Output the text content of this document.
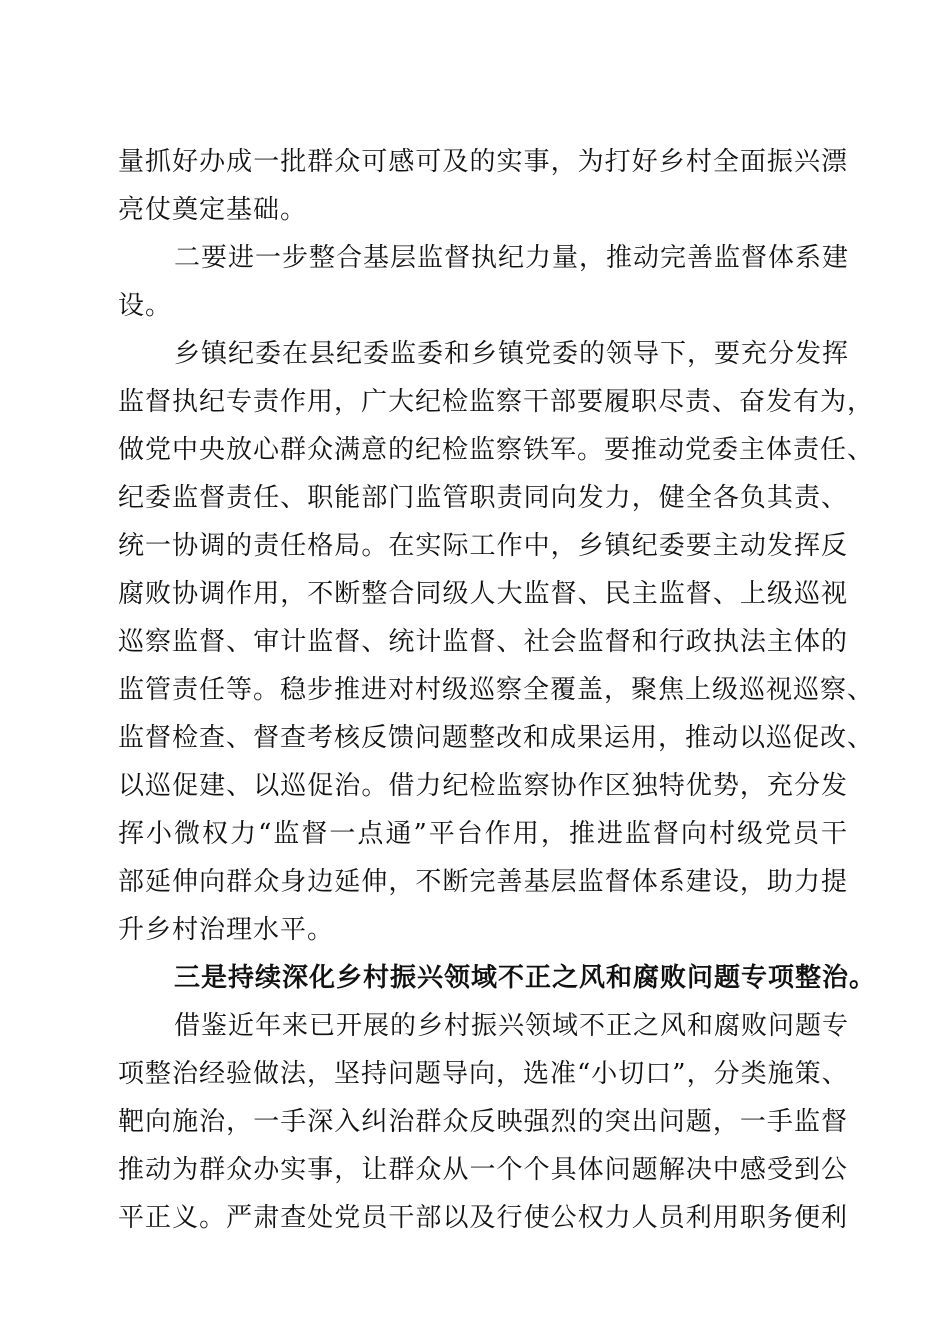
量抓好办成一批群众可感可及的实事，为打好乡村全面振兴漂
亮仗奠定基础。
二要进一步整合基层监督执纪力量，推动完善监督体系建
设。
乡镇纪委在县纪委监委和乡镇党委的领导下，要充分发挥
监督执纪专责作用，广大纪检监察干部要履职尽责、奋发有为，
做党中央放心群众满意的纪检监察铁军。要推动党委主体责任、
纪委监督责任、职能部门监管职责同向发力，健全各负其责、
统一协调的责任格局。在实际工作中，乡镇纪委要主动发挥反
腐败协调作用，不断整合同级人大监督、民主监督、上级巡视
巡察监督、审计监督、统计监督、社会监督和行政执法主体的
监管责任等。稳步推进对村级巡察全覆盖，聚焦上级巡视巡察、
监督检查、督查考核反馈问题整改和成果运用，推动以巡促改、
以巡促建、以巡促治。借力纪检监察协作区独特优势，充分发
挥小微权力“监督一点通”平台作用，推进监督向村级党员干
部延伸向群众身边延伸，不断完善基层监督体系建设，助力提
升乡村治理水平。
三是持续深化乡村振兴领域不正之风和腐败问题专项整治。
借鉴近年来已开展的乡村振兴领域不正之风和腐败问题专
项整治经验做法，坚持问题导向，选准“小切口”，分类施策、
靶向施治，一手深入纠治群众反映强烈的突出问题，一手监督
推动为群众办实事，让群众从一个个具体问题解决中感受到公
平正义。严肃查处党员干部以及行使公权力人员利用职务便利
